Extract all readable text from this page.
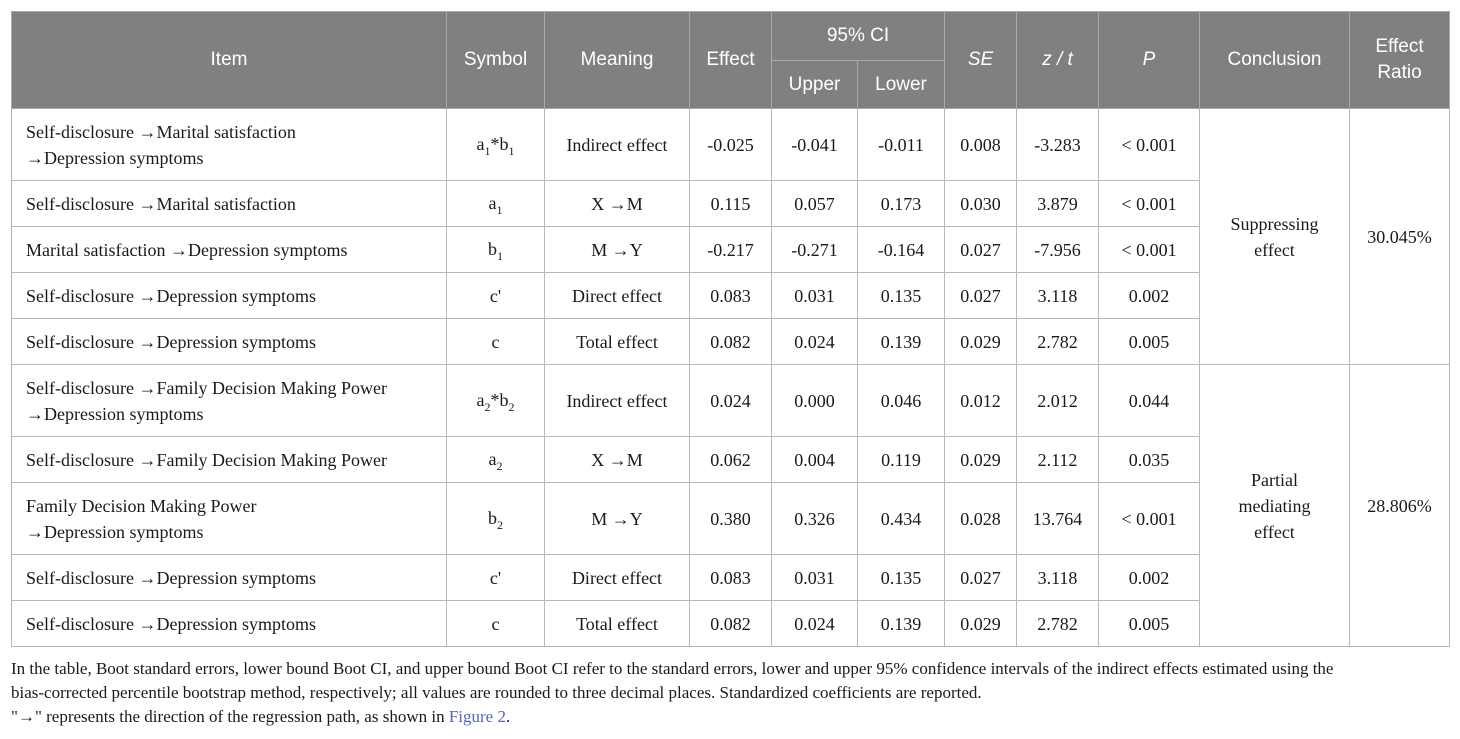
Item	Symbol	Meaning	Effect	95% CI		SE	z / t	P	Conclusion	Effect
Ratio
				Upper	Lower					
Self-disclosure →Marital satisfaction
→Depression symptoms	$a_1*b_1$	Indirect effect	-0.025	-0.041	-0.011	0.008	-3.283	< 0.001	Suppressing
effect	30.045%
Self-disclosure →Marital satisfaction	$a_1$	X →M	0.115	0.057	0.173	0.030	3.879	< 0.001		
Marital satisfaction →Depression symptoms	$b_1$	M →Y	-0.217	-0.271	-0.164	0.027	-7.956	< 0.001		
Self-disclosure →Depression symptoms	c'	Direct effect	0.083	0.031	0.135	0.027	3.118	0.002		
Self-disclosure →Depression symptoms	c	Total effect	0.082	0.024	0.139	0.029	2.782	0.005		
Self-disclosure →Family Decision Making Power
→Depression symptoms	$a_2*b_2$	Indirect effect	0.024	0.000	0.046	0.012	2.012	0.044	Partial
mediating
effect	28.806%
Self-disclosure →Family Decision Making Power	$a_2$	X →M	0.062	0.004	0.119	0.029	2.112	0.035		
Family Decision Making Power
→Depression symptoms	$b_2$	M →Y	0.380	0.326	0.434	0.028	13.764	< 0.001		
Self-disclosure →Depression symptoms	c'	Direct effect	0.083	0.031	0.135	0.027	3.118	0.002		
Self-disclosure →Depression symptoms	c	Total effect	0.082	0.024	0.139	0.029	2.782	0.005		
In the table, Boot standard errors, lower bound Boot CI, and upper bound Boot CI refer to the standard errors, lower and upper 95% confidence intervals of the indirect effects estimated using the
bias-corrected percentile bootstrap method, respectively; all values are rounded to three decimal places. Standardized coefficients are reported.
"→" represents the direction of the regression path, as shown in Figure 2.
